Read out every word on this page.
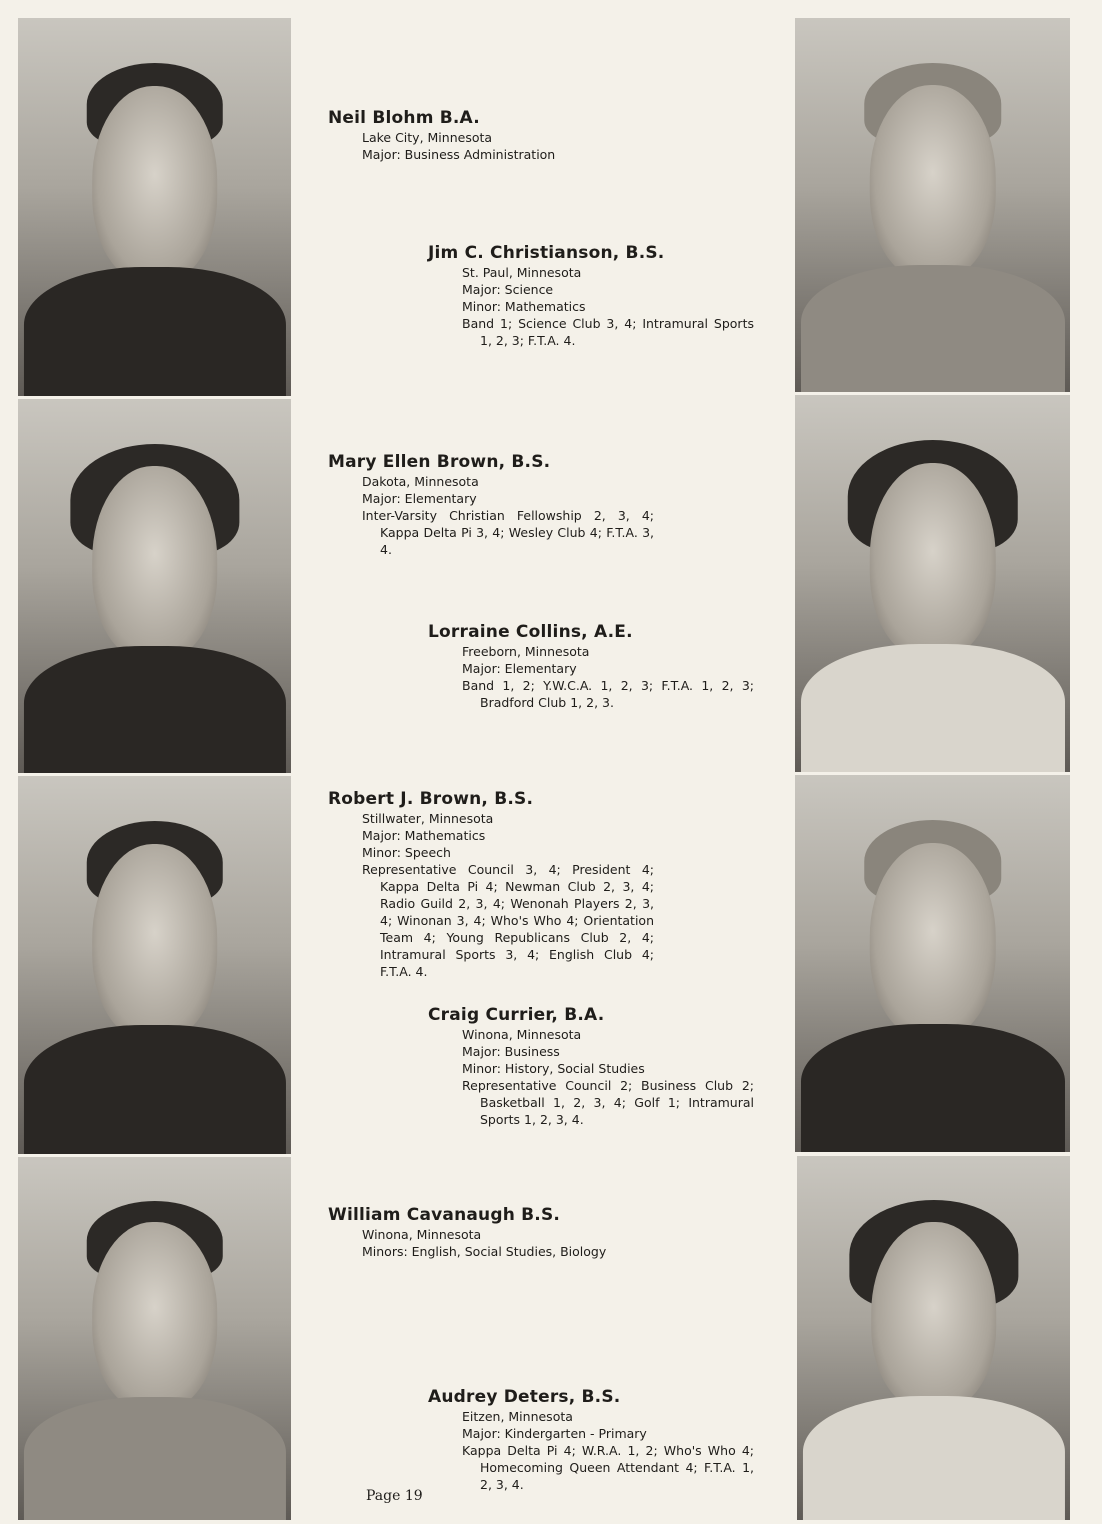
Neil Blohm B.A.
Lake City, Minnesota
Major: Business Administration
Jim C. Christianson, B.S.
St. Paul, Minnesota
Major: Science
Minor: Mathematics
Band 1; Science Club 3, 4; Intramural Sports 1, 2, 3; F.T.A. 4.
Mary Ellen Brown, B.S.
Dakota, Minnesota
Major: Elementary
Inter-Varsity Christian Fellowship 2, 3, 4; Kappa Delta Pi 3, 4; Wesley Club 4; F.T.A. 3, 4.
Lorraine Collins, A.E.
Freeborn, Minnesota
Major: Elementary
Band 1, 2; Y.W.C.A. 1, 2, 3; F.T.A. 1, 2, 3; Bradford Club 1, 2, 3.
Robert J. Brown, B.S.
Stillwater, Minnesota
Major: Mathematics
Minor: Speech
Representative Council 3, 4; President 4; Kappa Delta Pi 4; Newman Club 2, 3, 4; Radio Guild 2, 3, 4; Wenonah Players 2, 3, 4; Winonan 3, 4; Who's Who 4; Orientation Team 4; Young Republicans Club 2, 4; Intramural Sports 3, 4; English Club 4; F.T.A. 4.
Craig Currier, B.A.
Winona, Minnesota
Major: Business
Minor: History, Social Studies
Representative Council 2; Business Club 2; Basketball 1, 2, 3, 4; Golf 1; Intramural Sports 1, 2, 3, 4.
William Cavanaugh B.S.
Winona, Minnesota
Minors: English, Social Studies, Biology
Audrey Deters, B.S.
Eitzen, Minnesota
Major: Kindergarten - Primary
Kappa Delta Pi 4; W.R.A. 1, 2; Who's Who 4; Homecoming Queen Attendant 4; F.T.A. 1, 2, 3, 4.
Page 19
